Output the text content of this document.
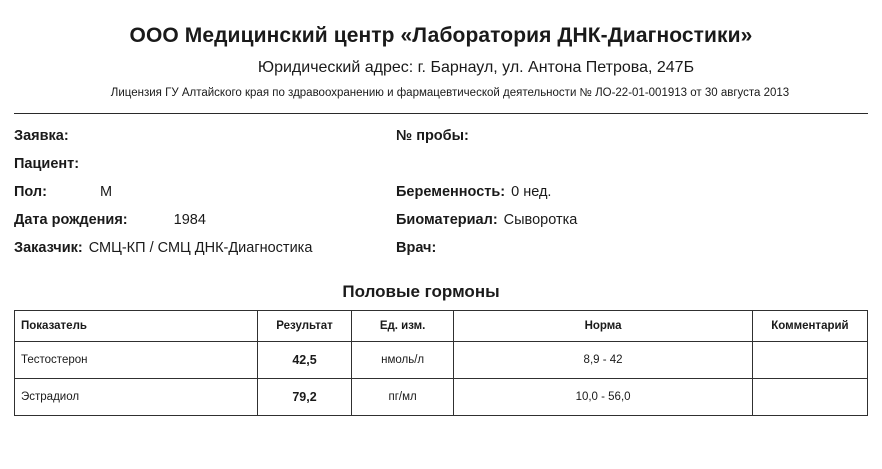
ООО Медицинский центр «Лаборатория ДНК-Диагностики»
Юридический адрес: г. Барнаул, ул. Антона Петрова, 247Б
Лицензия ГУ Алтайского края по здравоохранению и фармацевтической деятельности № ЛО-22-01-001913 от 30 августа 2013
Заявка:	№ пробы:
Пациент:
Пол:	М	Беременность: 0 нед.
Дата рождения:	1984	Биоматериал: Сыворотка
Заказчик: СМЦ-КП / СМЦ ДНК-Диагностика	Врач:
Половые гормоны
Показатель	Результат	Ед. изм.	Норма	Комментарий
Тестостерон	42,5	нмоль/л	8,9 - 42	
Эстрадиол	79,2	пг/мл	10,0 - 56,0	
